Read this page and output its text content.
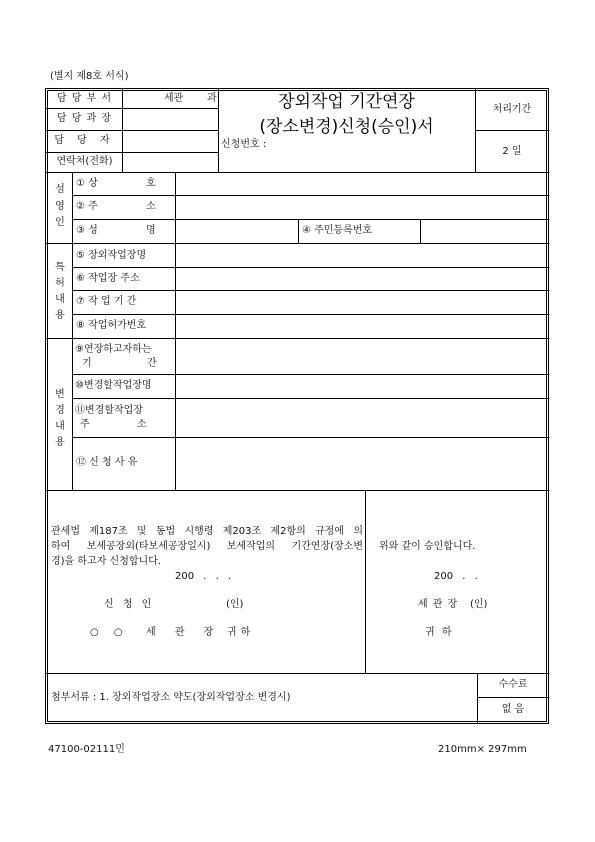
(별지 제8호 서식)
담 당 부 서	세관 과
담 당 과 장
담 당 자
연락처(전화)
장외작업 기간연장
(장소변경)신청(승인)서
신청번호 :
처리기간
2 일
섬
영
인
① 상	호
② 주	소
③ 성	명	④ 주민등록번호
특
허
내
용
⑤ 장외작업장명
⑥ 작업장 주소
⑦ 작 업 기 간
⑧ 작업허가번호
변
경
내
용
⑨연장하고자하는
기	간
⑩변경할작업장명
⑪변경할작업장
주	소
⑫ 신 청 사 유
관세법 제187조 및 동법 시행령 제203조 제2항의 규정에 의
하여 보세공장외(타보세공장일시) 보세작업의 기간연장(장소변
경)을 하고자 신청합니다.
200 . . .
신 청 인	(인)
○ ○ 세 관 장 귀하
위와 같이 승인합니다.
200 . .
세 관 장 (인)
귀 하
첨부서류 : 1. 장외작업장소 약도(장외작업장소 변경시)
수수료
없 음
47100-02111민	210mm× 297mm
